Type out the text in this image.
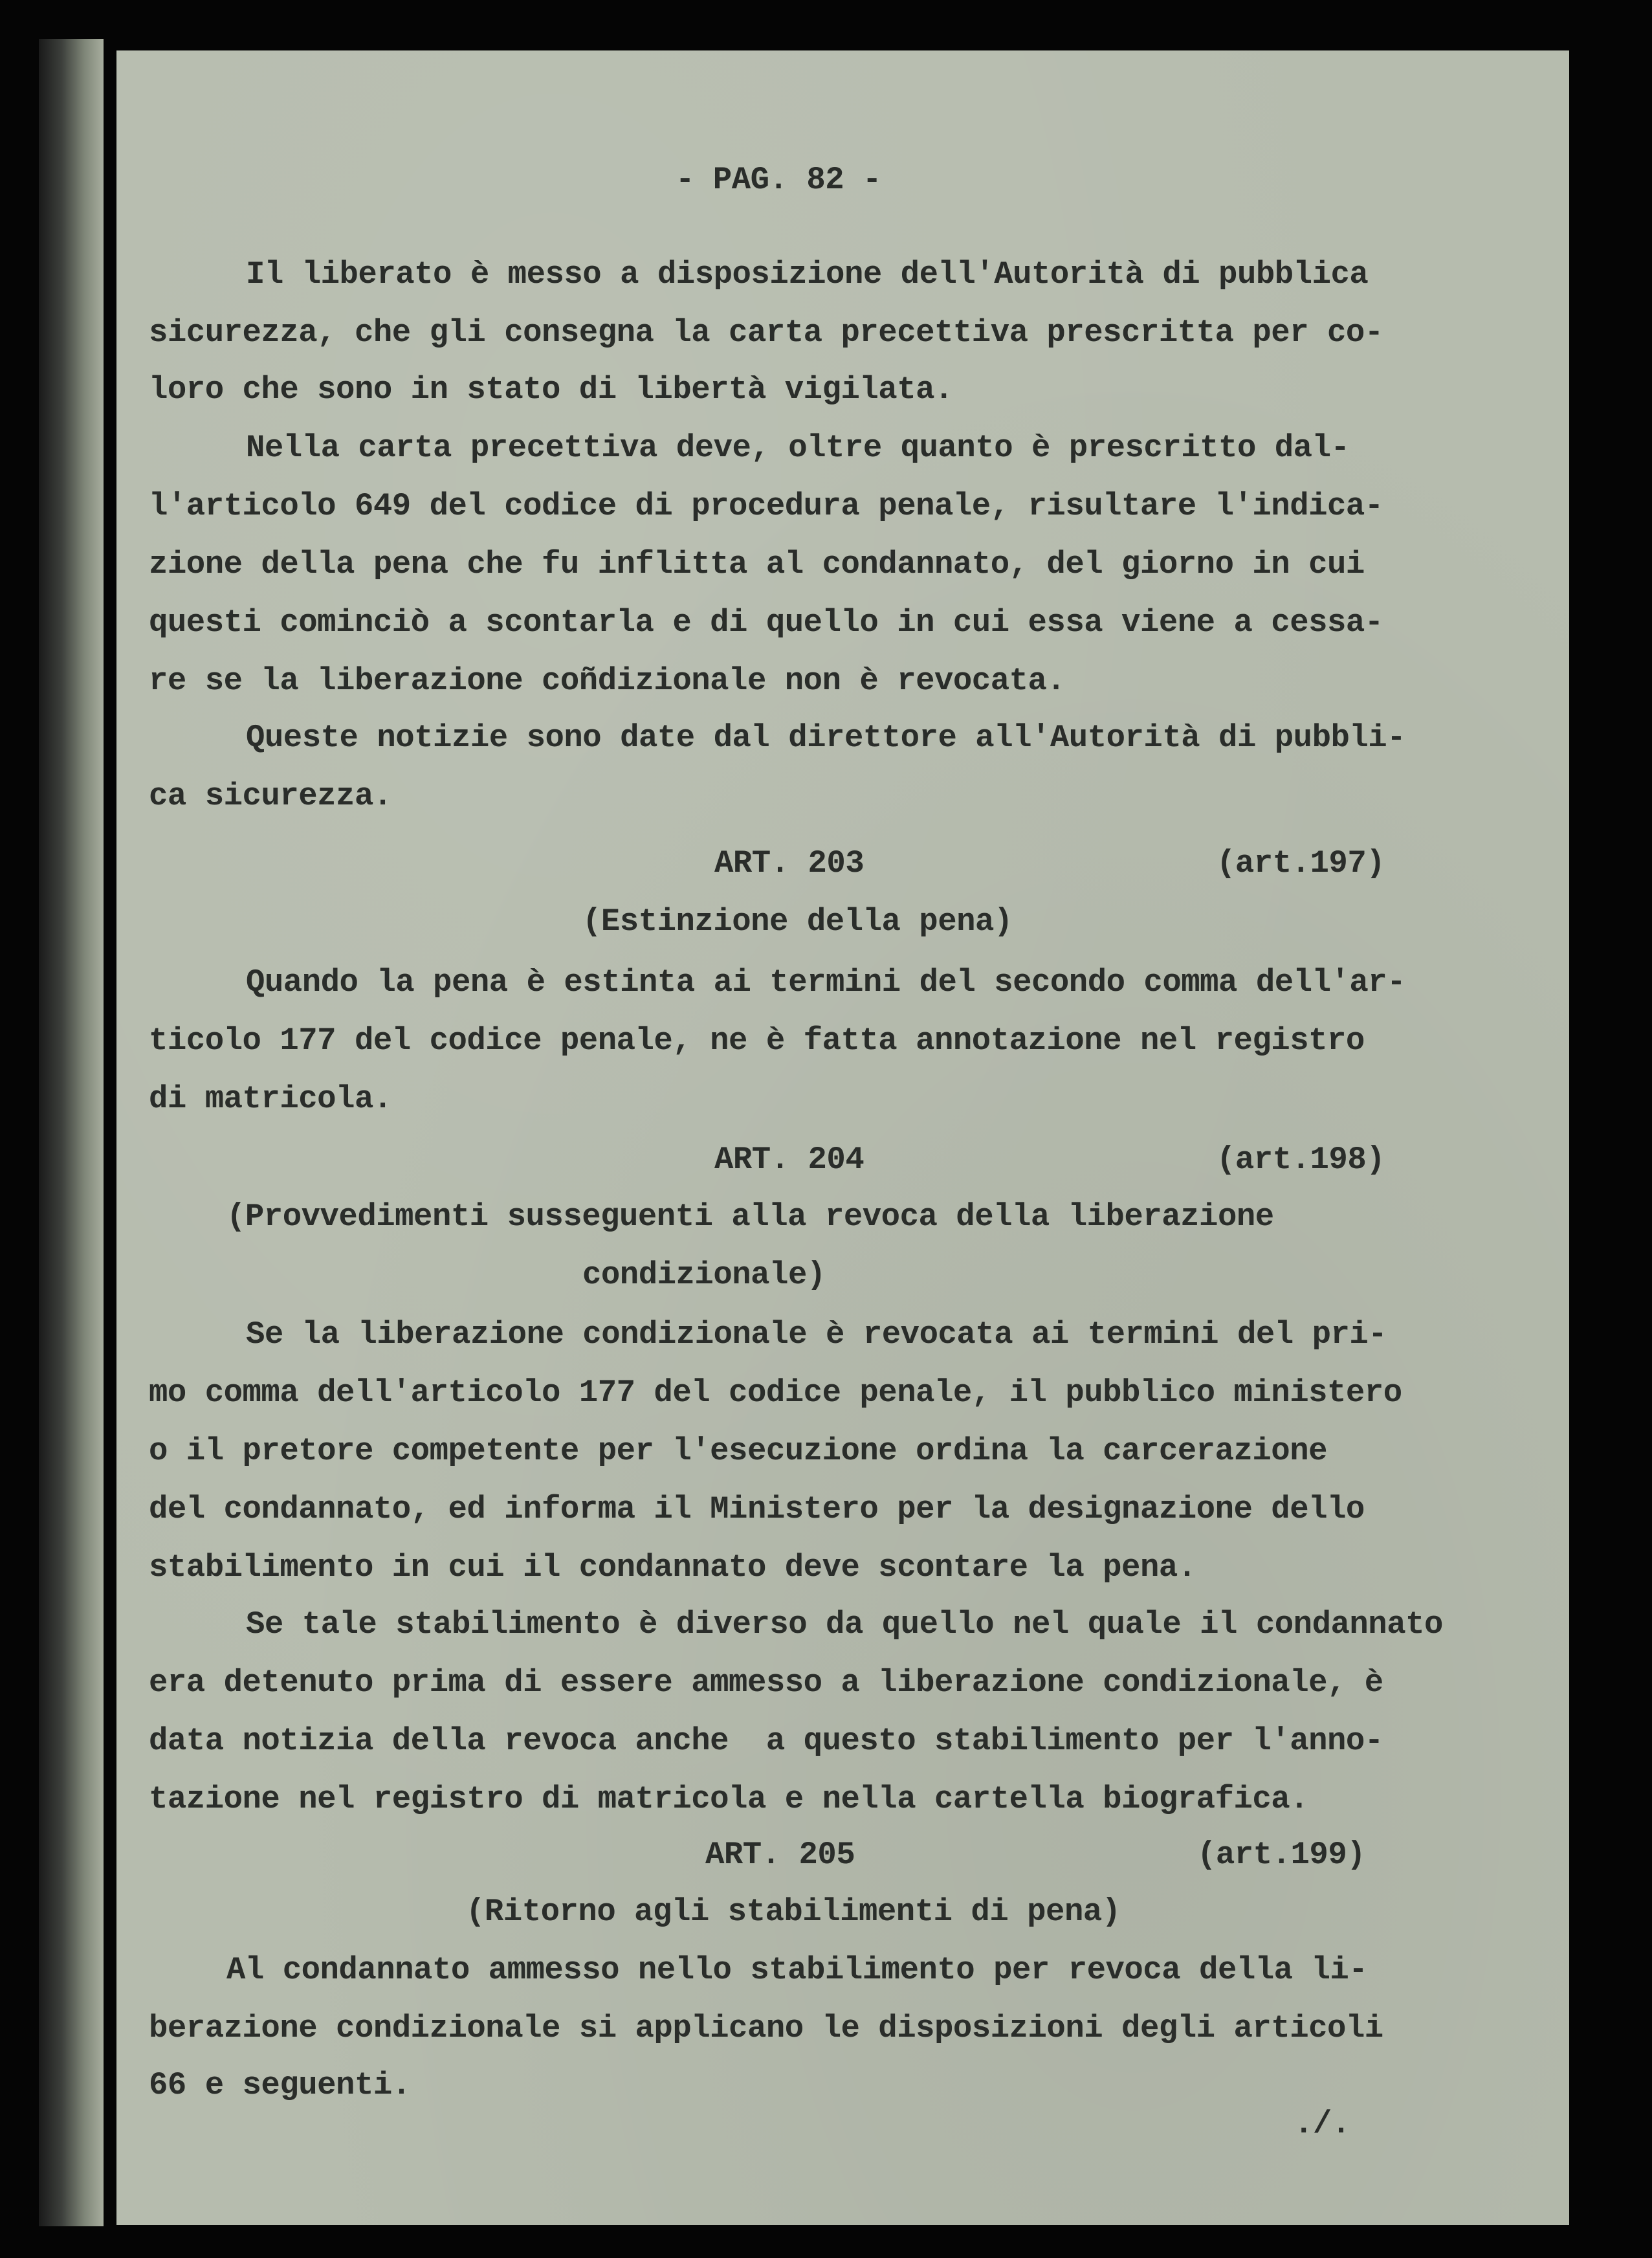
- PAG. 82 -
Il liberato è messo a disposizione dell'Autorità di pubblica
sicurezza, che gli consegna la carta precettiva prescritta per co-
loro che sono in stato di libertà vigilata.
Nella carta precettiva deve, oltre quanto è prescritto dal-
l'articolo 649 del codice di procedura penale, risultare l'indica-
zione della pena che fu inflitta al condannato, del giorno in cui
questi cominciò a scontarla e di quello in cui essa viene a cessa-
re se la liberazione coñdizionale non è revocata.
Queste notizie sono date dal direttore all'Autorità di pubbli-
ca sicurezza.
ART. 203	(art.197)
(Estinzione della pena)
Quando la pena è estinta ai termini del secondo comma dell'ar-
ticolo 177 del codice penale, ne è fatta annotazione nel registro
di matricola.
ART. 204	(art.198)
(Provvedimenti susseguenti alla revoca della liberazione
condizionale)
Se la liberazione condizionale è revocata ai termini del pri-
mo comma dell'articolo 177 del codice penale, il pubblico ministero
o il pretore competente per l'esecuzione ordina la carcerazione
del condannato, ed informa il Ministero per la designazione dello
stabilimento in cui il condannato deve scontare la pena.
Se tale stabilimento è diverso da quello nel quale il condannato
era detenuto prima di essere ammesso a liberazione condizionale, è
data notizia della revoca anche  a questo stabilimento per l'anno-
tazione nel registro di matricola e nella cartella biografica.
ART. 205	(art.199)
(Ritorno agli stabilimenti di pena)
Al condannato ammesso nello stabilimento per revoca della li-
berazione condizionale si applicano le disposizioni degli articoli
66 e seguenti.
./.
